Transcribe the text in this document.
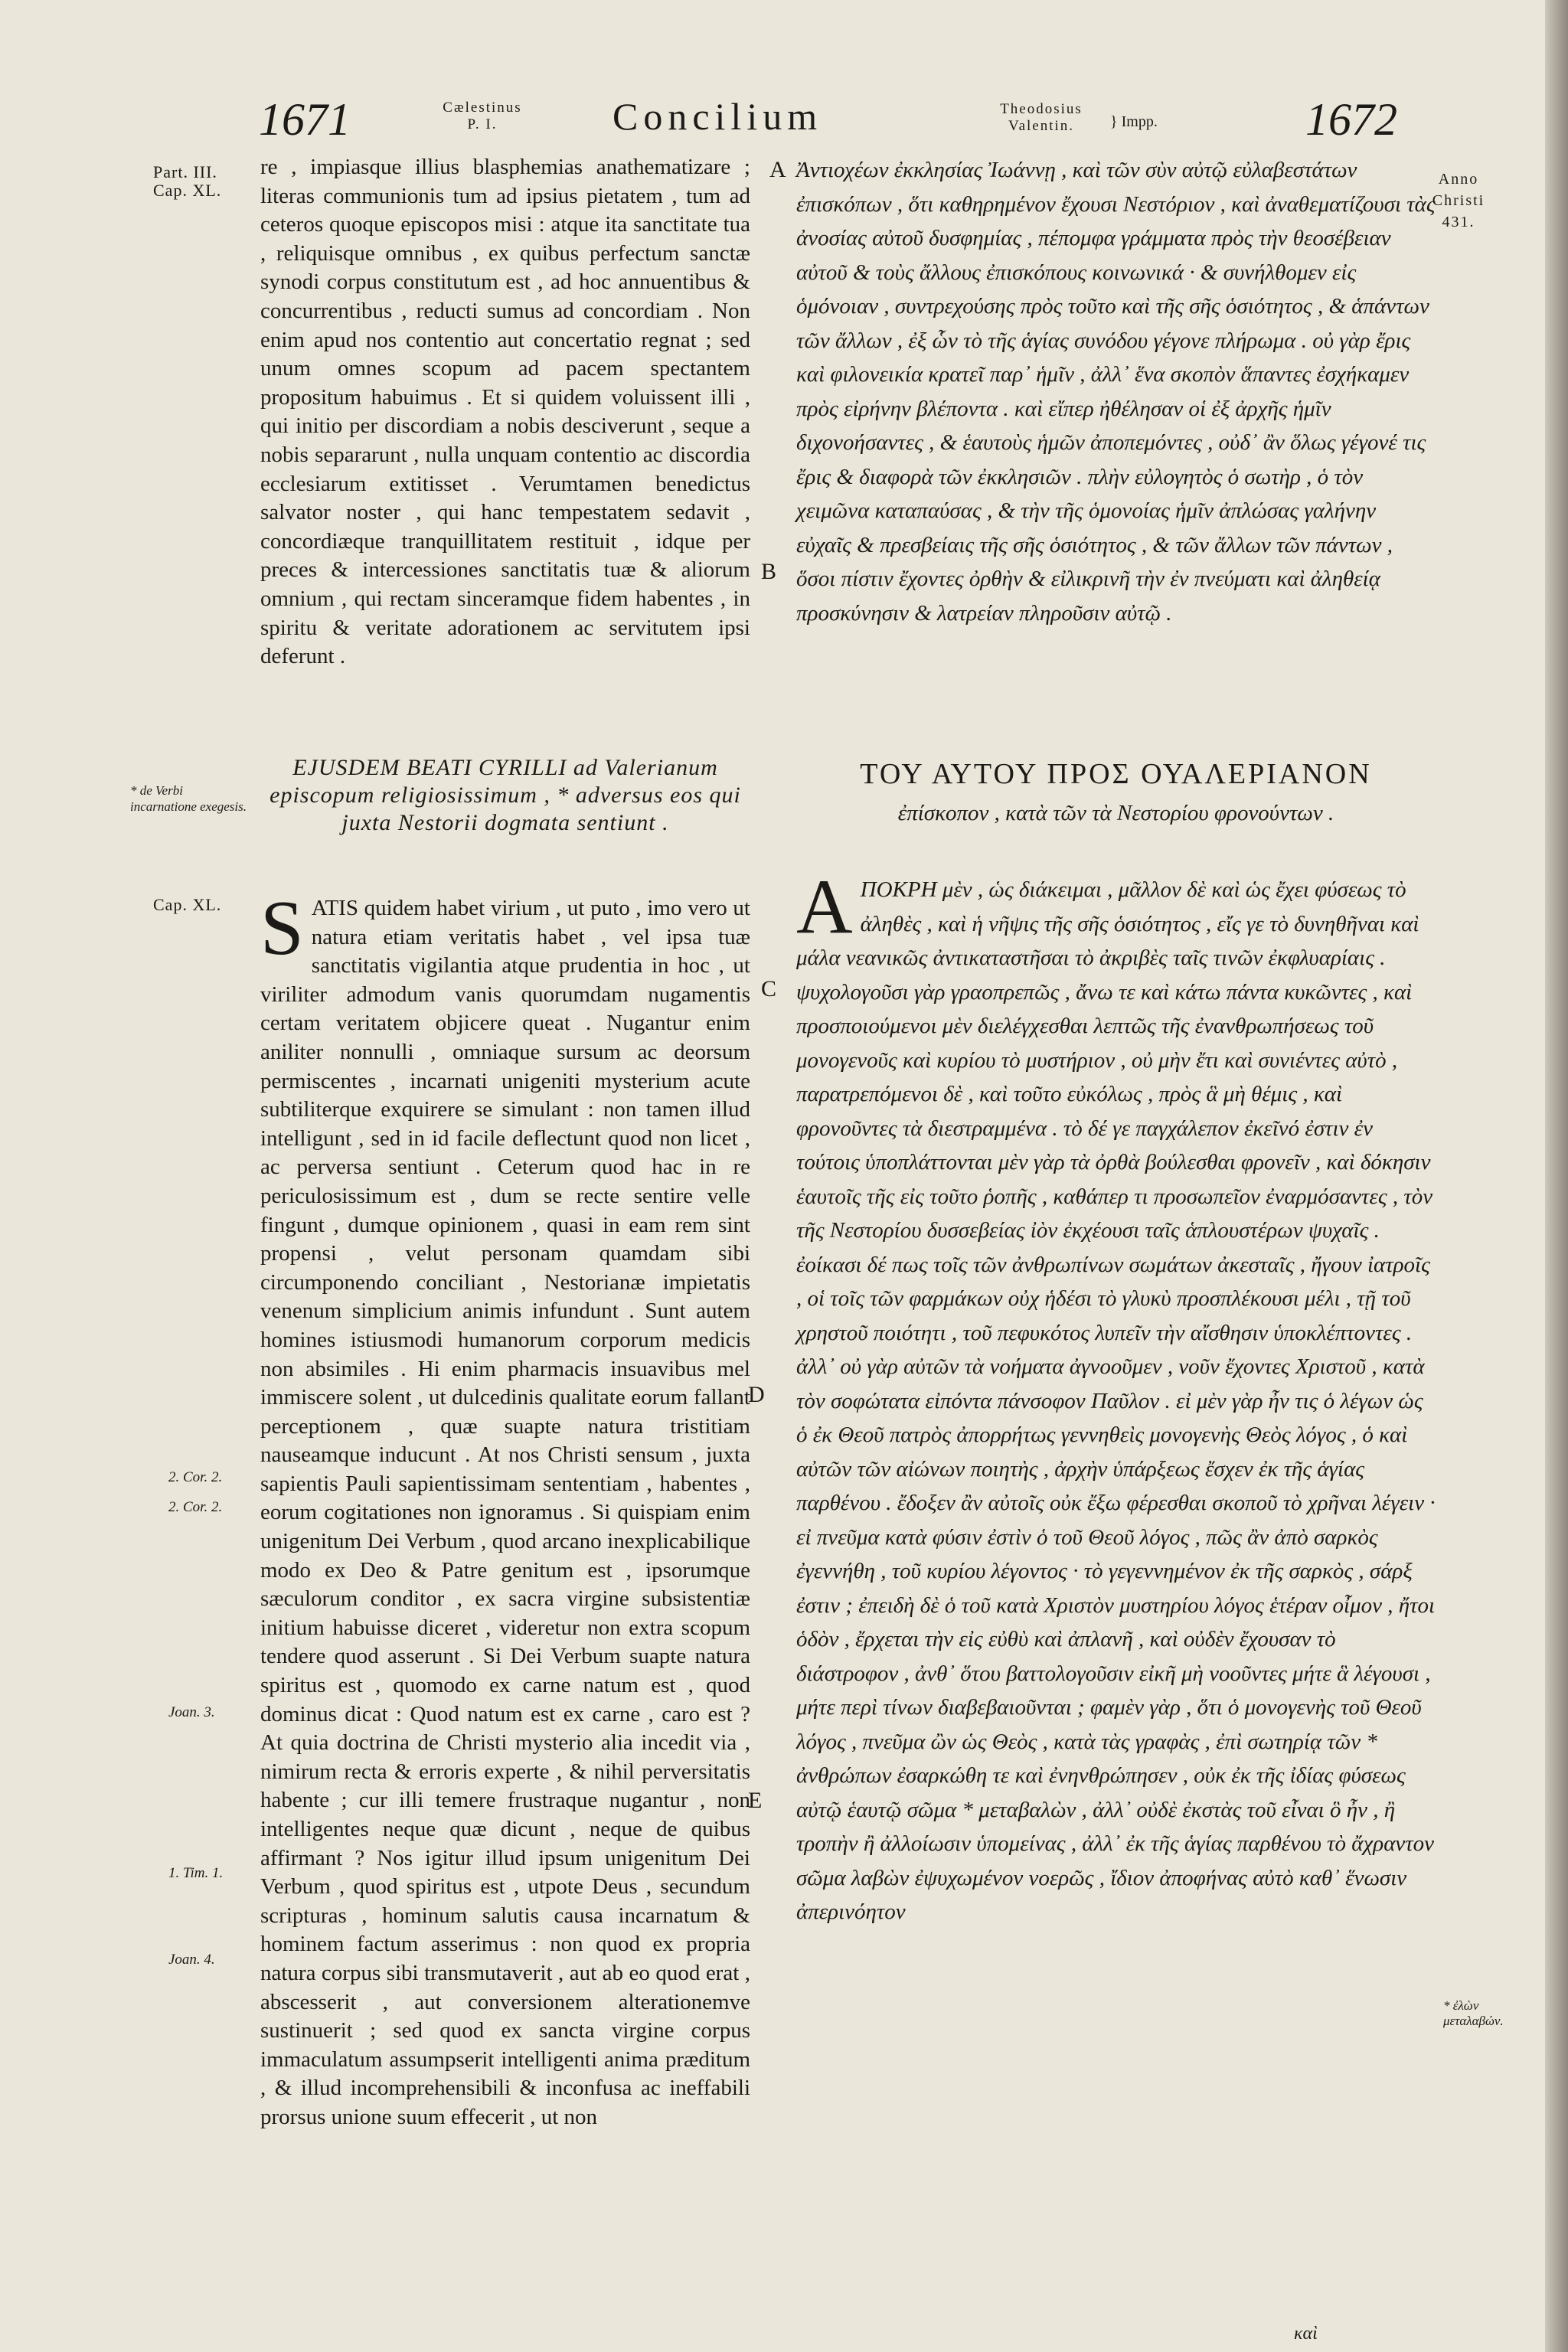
1671	Cælestinus
P. I.	Concilium	Theodosius
Valentin.	} Impp.	1672
Anno
Christi
431.
Part. III. Cap. XL.
* de Verbi incarnatione exegesis.
Cap. XL.
2. Cor. 2.
2. Cor. 2.
Joan. 3.
1. Tim. 1.
Joan. 4.
* ἐλὼν μεταλαβών.
A
B
C
D
E

re , impiasque illius blasphemias anathematizare ; literas communionis tum ad ipsius pietatem , tum ad ceteros quoque episcopos misi : atque ita sanctitate tua , reliquisque omnibus , ex quibus perfectum sanctæ synodi corpus constitutum est , ad hoc annuentibus & concurrentibus , reducti sumus ad concordiam . Non enim apud nos contentio aut concertatio regnat ; sed unum omnes scopum ad pacem spectantem propositum habuimus . Et si quidem voluissent illi , qui initio per discordiam a nobis desciverunt , seque a nobis separarunt , nulla unquam contentio ac discordia ecclesiarum extitisset . Verumtamen benedictus salvator noster , qui hanc tempestatem sedavit , concordiæque tranquillitatem restituit , idque per preces & intercessiones sanctitatis tuæ & aliorum omnium , qui rectam sinceramque fidem habentes , in spiritu & veritate adorationem ac servitutem ipsi deferunt .

EJUSDEM BEATI CYRILLI ad Valerianum episcopum religiosissimum , * adversus eos qui juxta Nestorii dogmata sentiunt .

SATIS quidem habet virium , ut puto , imo vero ut natura etiam veritatis habet , vel ipsa tuæ sanctitatis vigilantia atque prudentia in hoc , ut viriliter admodum vanis quorumdam nugamentis certam veritatem objicere queat . Nugantur enim aniliter nonnulli , omniaque sursum ac deorsum permiscentes , incarnati unigeniti mysterium acute subtiliterque exquirere se simulant : non tamen illud intelligunt , sed in id facile deflectunt quod non licet , ac perversa sentiunt . Ceterum quod hac in re periculosissimum est , dum se recte sentire velle fingunt , dumque opinionem , quasi in eam rem sint propensi , velut personam quamdam sibi circumponendo conciliant , Nestorianæ impietatis venenum simplicium animis infundunt . Sunt autem homines istiusmodi humanorum corporum medicis non absimiles . Hi enim pharmacis insuavibus mel immiscere solent , ut dulcedinis qualitate eorum fallant perceptionem , quæ suapte natura tristitiam nauseamque inducunt . At nos Christi sensum , juxta sapientis Pauli sapientissimam sententiam , habentes , eorum cogitationes non ignoramus . Si quispiam enim unigenitum Dei Verbum , quod arcano inexplicabilique modo ex Deo & Patre genitum est , ipsorumque sæculorum conditor , ex sacra virgine subsistentiæ initium habuisse diceret , videretur non extra scopum tendere quod asserunt . Si Dei Verbum suapte natura spiritus est , quomodo ex carne natum est , quod dominus dicat : Quod natum est ex carne , caro est ? At quia doctrina de Christi mysterio alia incedit via , nimirum recta & erroris experte , & nihil perversitatis habente ; cur illi temere frustraque nugantur , non intelligentes neque quæ dicunt , neque de quibus affirmant ? Nos igitur illud ipsum unigenitum Dei Verbum , quod spiritus est , utpote Deus , secundum scripturas , hominum salutis causa incarnatum & hominem factum asserimus : non quod ex propria natura corpus sibi transmutaverit , aut ab eo quod erat , abscesserit , aut conversionem alterationemve sustinuerit ; sed quod ex sancta virgine corpus immaculatum assumpserit intelligenti anima præditum , & illud incomprehensibili & inconfusa ac ineffabili prorsus unione suum effecerit , ut non

Ἀντιοχέων ἐκκλησίας Ἰωάννῃ , καὶ τῶν σὺν αὐτῷ εὐλαβεστάτων ἐπισκόπων , ὅτι καθηρημένον ἔχουσι Νεστόριον , καὶ ἀναθεματίζουσι τὰς ἀνοσίας αὐτοῦ δυσφημίας , πέπομφα γράμματα πρὸς τὴν θεοσέβειαν αὐτοῦ & τοὺς ἄλλους ἐπισκόπους κοινωνικά · & συνήλθομεν εἰς ὁμόνοιαν , συντρεχούσης πρὸς τοῦτο καὶ τῆς σῆς ὁσιότητος , & ἁπάντων τῶν ἄλλων , ἐξ ὧν τὸ τῆς ἁγίας συνόδου γέγονε πλήρωμα . οὐ γὰρ ἔρις καὶ φιλονεικία κρατεῖ παρ᾽ ἡμῖν , ἀλλ᾽ ἕνα σκοπὸν ἅπαντες ἐσχήκαμεν πρὸς εἰρήνην βλέποντα . καὶ εἴπερ ἠθέλησαν οἱ ἐξ ἀρχῆς ἡμῖν διχονοήσαντες , & ἑαυτοὺς ἡμῶν ἀποπεμόντες , οὐδ᾽ ἂν ὅλως γέγονέ τις ἔρις & διαφορὰ τῶν ἐκκλησιῶν . πλὴν εὐλογητὸς ὁ σωτὴρ , ὁ τὸν χειμῶνα καταπαύσας , & τὴν τῆς ὁμονοίας ἡμῖν ἀπλώσας γαλήνην εὐχαῖς & πρεσβείαις τῆς σῆς ὁσιότητος , & τῶν ἄλλων τῶν πάντων , ὅσοι πίστιν ἔχοντες ὀρθὴν & εἰλικρινῆ τὴν ἐν πνεύματι καὶ ἀληθείᾳ προσκύνησιν & λατρείαν πληροῦσιν αὐτῷ .

ΤΟΥ ΑΥΤΟΥ ΠΡΟΣ ΟΥΑΛΕΡΙΑΝΟΝ
ἐπίσκοπον , κατὰ τῶν τὰ Νεστορίου φρονούντων .

ΑΠΟΚΡΗ μὲν , ὡς διάκειμαι , μᾶλλον δὲ καὶ ὡς ἔχει φύσεως τὸ ἀληθὲς , καὶ ἡ νῆψις τῆς σῆς ὁσιότητος , εἴς γε τὸ δυνηθῆναι καὶ μάλα νεανικῶς ἀντικαταστῆσαι τὸ ἀκριβὲς ταῖς τινῶν ἐκφλυαρίαις . ψυχολογοῦσι γὰρ γραοπρεπῶς , ἄνω τε καὶ κάτω πάντα κυκῶντες , καὶ προσποιούμενοι μὲν διελέγχεσθαι λεπτῶς τῆς ἐνανθρωπήσεως τοῦ μονογενοῦς καὶ κυρίου τὸ μυστήριον , οὐ μὴν ἔτι καὶ συνιέντες αὐτὸ , παρατρεπόμενοι δὲ , καὶ τοῦτο εὐκόλως , πρὸς ἃ μὴ θέμις , καὶ φρονοῦντες τὰ διεστραμμένα . τὸ δέ γε παγχάλεπον ἐκεῖνό ἐστιν ἐν τούτοις ὑποπλάττονται μὲν γὰρ τὰ ὀρθὰ βούλεσθαι φρονεῖν , καὶ δόκησιν ἑαυτοῖς τῆς εἰς τοῦτο ῥοπῆς , καθάπερ τι προσωπεῖον ἐναρμόσαντες , τὸν τῆς Νεστορίου δυσσεβείας ἰὸν ἐκχέουσι ταῖς ἁπλουστέρων ψυχαῖς . ἐοίκασι δέ πως τοῖς τῶν ἀνθρωπίνων σωμάτων ἀκεσταῖς , ἤγουν ἰατροῖς , οἱ τοῖς τῶν φαρμάκων οὐχ ἡδέσι τὸ γλυκὺ προσπλέκουσι μέλι , τῇ τοῦ χρηστοῦ ποιότητι , τοῦ πεφυκότος λυπεῖν τὴν αἴσθησιν ὑποκλέπτοντες . ἀλλ᾽ οὐ γὰρ αὐτῶν τὰ νοήματα ἀγνοοῦμεν , νοῦν ἔχοντες Χριστοῦ , κατὰ τὸν σοφώτατα εἰπόντα πάνσοφον Παῦλον . εἰ μὲν γὰρ ἦν τις ὁ λέγων ὡς ὁ ἐκ Θεοῦ πατρὸς ἀπορρήτως γεννηθεὶς μονογενὴς Θεὸς λόγος , ὁ καὶ αὐτῶν τῶν αἰώνων ποιητὴς , ἀρχὴν ὑπάρξεως ἔσχεν ἐκ τῆς ἁγίας παρθένου . ἔδοξεν ἂν αὐτοῖς οὐκ ἔξω φέρεσθαι σκοποῦ τὸ χρῆναι λέγειν · εἰ πνεῦμα κατὰ φύσιν ἐστὶν ὁ τοῦ Θεοῦ λόγος , πῶς ἂν ἀπὸ σαρκὸς ἐγεννήθη , τοῦ κυρίου λέγοντος · τὸ γεγεννημένον ἐκ τῆς σαρκὸς , σάρξ ἐστιν ; ἐπειδὴ δὲ ὁ τοῦ κατὰ Χριστὸν μυστηρίου λόγος ἑτέραν οἶμον , ἤτοι ὁδὸν , ἔρχεται τὴν εἰς εὐθὺ καὶ ἀπλανῆ , καὶ οὐδὲν ἔχουσαν τὸ διάστροφον , ἀνθ᾽ ὅτου βαττολογοῦσιν εἰκῆ μὴ νοοῦντες μήτε ἃ λέγουσι , μήτε περὶ τίνων διαβεβαιοῦνται ; φαμὲν γὰρ , ὅτι ὁ μονογενὴς τοῦ Θεοῦ λόγος , πνεῦμα ὢν ὡς Θεὸς , κατὰ τὰς γραφὰς , ἐπὶ σωτηρίᾳ τῶν * ἀνθρώπων ἐσαρκώθη τε καὶ ἐνηνθρώπησεν , οὐκ ἐκ τῆς ἰδίας φύσεως αὐτῷ ἑαυτῷ σῶμα * μεταβαλὼν , ἀλλ᾽ οὐδὲ ἐκστὰς τοῦ εἶναι ὃ ἦν , ἢ τροπὴν ἢ ἀλλοίωσιν ὑπομείνας , ἀλλ᾽ ἐκ τῆς ἁγίας παρθένου τὸ ἄχραντον σῶμα λαβὼν ἐψυχωμένον νοερῶς , ἴδιον ἀποφήνας αὐτὸ καθ᾽ ἕνωσιν ἀπερινόητον

καὶ
